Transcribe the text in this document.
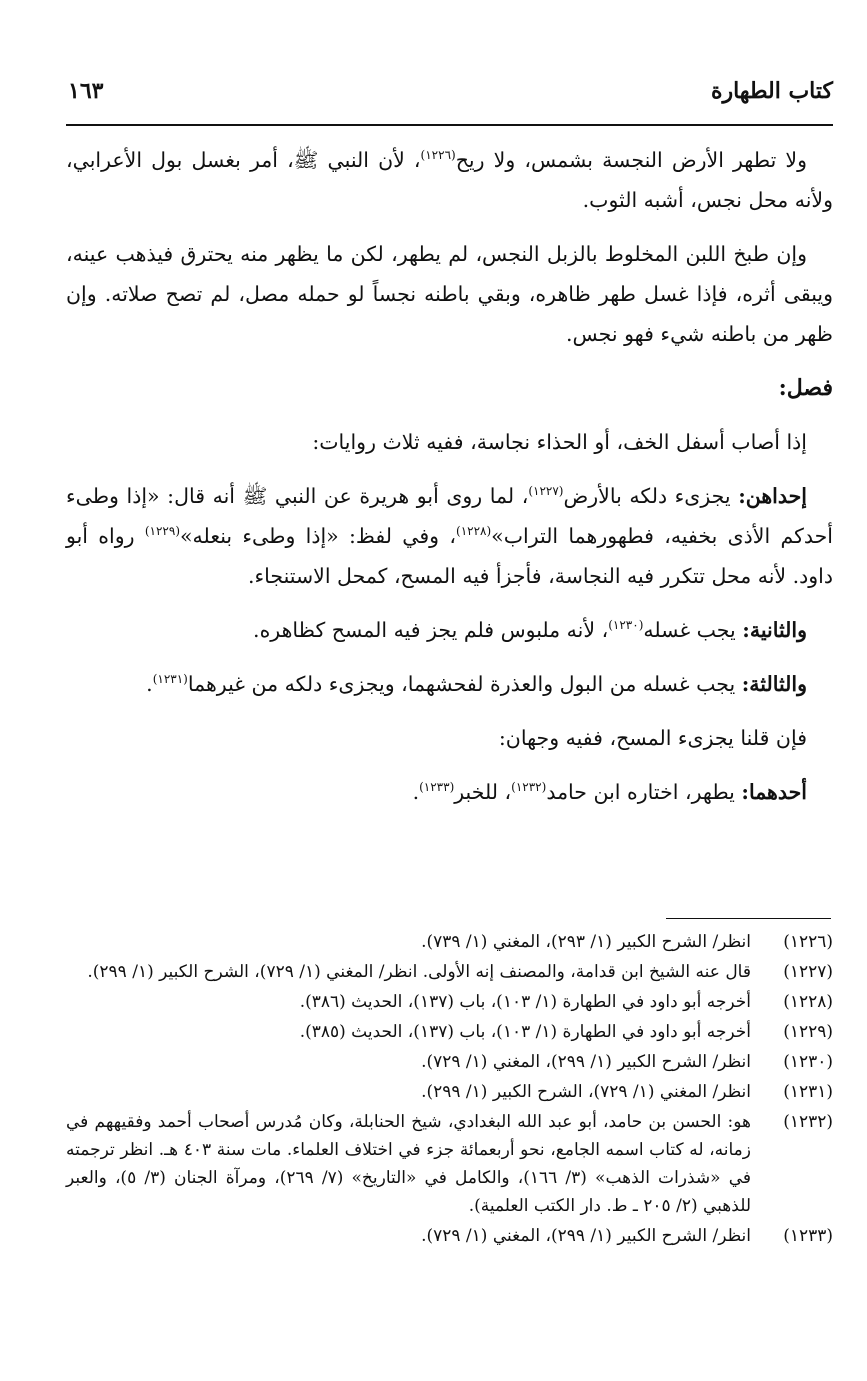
كتاب الطهارة
١٦٣

ولا تطهر الأرض النجسة بشمس، ولا ريح$^{(١٢٢٦)}$، لأن النبي ﷺ، أمر بغسل بول الأعرابي، ولأنه محل نجس، أشبه الثوب.

وإن طبخ اللبن المخلوط بالزبل النجس، لم يطهر، لكن ما يظهر منه يحترق فيذهب عينه، ويبقى أثره، فإذا غسل طهر ظاهره، وبقي باطنه نجساً لو حمله مصل، لم تصح صلاته. وإن ظهر من باطنه شيء فهو نجس.

فصل:

إذا أصاب أسفل الخف، أو الحذاء نجاسة، ففيه ثلاث روايات:

إحداهن: يجزىء دلكه بالأرض$^{(١٢٢٧)}$، لما روى أبو هريرة عن النبي ﷺ أنه قال: «إذا وطىء أحدكم الأذى بخفيه، فطهورهما التراب»$^{(١٢٢٨)}$، وفي لفظ: «إذا وطىء بنعله»$^{(١٢٢٩)}$ رواه أبو داود. لأنه محل تتكرر فيه النجاسة، فأجزأ فيه المسح، كمحل الاستنجاء.

والثانية: يجب غسله$^{(١٢٣٠)}$، لأنه ملبوس فلم يجز فيه المسح كظاهره.

والثالثة: يجب غسله من البول والعذرة لفحشهما، ويجزىء دلكه من غيرهما$^{(١٢٣١)}$.

فإن قلنا يجزىء المسح، ففيه وجهان:

أحدهما: يطهر، اختاره ابن حامد$^{(١٢٣٢)}$، للخبر$^{(١٢٣٣)}$.

(١٢٢٦)
انظر/ الشرح الكبير (١/ ٢٩٣)، المغني (١/ ٧٣٩).
(١٢٢٧)
قال عنه الشيخ ابن قدامة، والمصنف إنه الأولى. انظر/ المغني (١/ ٧٢٩)، الشرح الكبير (١/ ٢٩٩).
(١٢٢٨)
أخرجه أبو داود في الطهارة (١/ ١٠٣)، باب (١٣٧)، الحديث (٣٨٦).
(١٢٢٩)
أخرجه أبو داود في الطهارة (١/ ١٠٣)، باب (١٣٧)، الحديث (٣٨٥).
(١٢٣٠)
انظر/ الشرح الكبير (١/ ٢٩٩)، المغني (١/ ٧٢٩).
(١٢٣١)
انظر/ المغني (١/ ٧٢٩)، الشرح الكبير (١/ ٢٩٩).
(١٢٣٢)
هو: الحسن بن حامد، أبو عبد الله البغدادي، شيخ الحنابلة، وكان مُدرس أصحاب أحمد وفقيههم في زمانه، له كتاب اسمه الجامع، نحو أربعمائة جزء في اختلاف العلماء. مات سنة ٤٠٣ هـ. انظر ترجمته في «شذرات الذهب» (٣/ ١٦٦)، والكامل في «التاريخ» (٧/ ٢٦٩)، ومرآة الجنان (٣/ ٥)، والعبر للذهبي (٢/ ٢٠٥ ـ ط. دار الكتب العلمية).
(١٢٣٣)
انظر/ الشرح الكبير (١/ ٢٩٩)، المغني (١/ ٧٢٩).
